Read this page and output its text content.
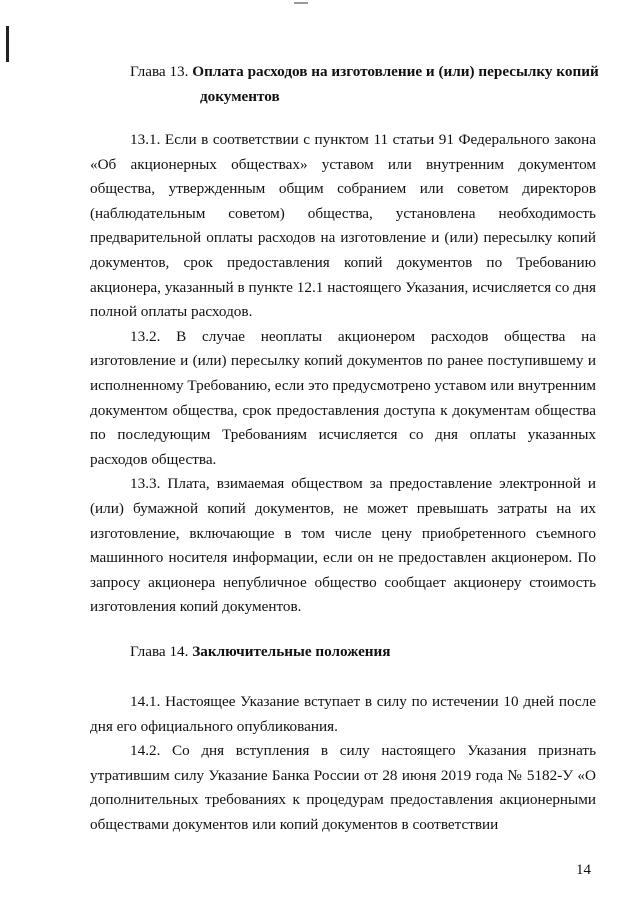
Глава 13. Оплата расходов на изготовление и (или) пересылку копий
документов

13.1. Если в соответствии с пунктом 11 статьи 91 Федерального закона «Об акционерных обществах» уставом или внутренним документом общества, утвержденным общим собранием или советом директоров (наблюдательным советом) общества, установлена необходимость предварительной оплаты расходов на изготовление и (или) пересылку копий документов, срок предоставления копий документов по Требованию акционера, указанный в пункте 12.1 настоящего Указания, исчисляется со дня полной оплаты расходов.

13.2. В случае неоплаты акционером расходов общества на изготовление и (или) пересылку копий документов по ранее поступившему и исполненному Требованию, если это предусмотрено уставом или внутренним документом общества, срок предоставления доступа к документам общества по последующим Требованиям исчисляется со дня оплаты указанных расходов общества.

13.3. Плата, взимаемая обществом за предоставление электронной и (или) бумажной копий документов, не может превышать затраты на их изготовление, включающие в том числе цену приобретенного съемного машинного носителя информации, если он не предоставлен акционером. По запросу акционера непубличное общество сообщает акционеру стоимость изготовления копий документов.

Глава 14. Заключительные положения

14.1. Настоящее Указание вступает в силу по истечении 10 дней после дня его официального опубликования.

14.2. Со дня вступления в силу настоящего Указания признать утратившим силу Указание Банка России от 28 июня 2019 года № 5182-У «О дополнительных требованиях к процедурам предоставления акционерными обществами документов или копий документов в соответствии

14
